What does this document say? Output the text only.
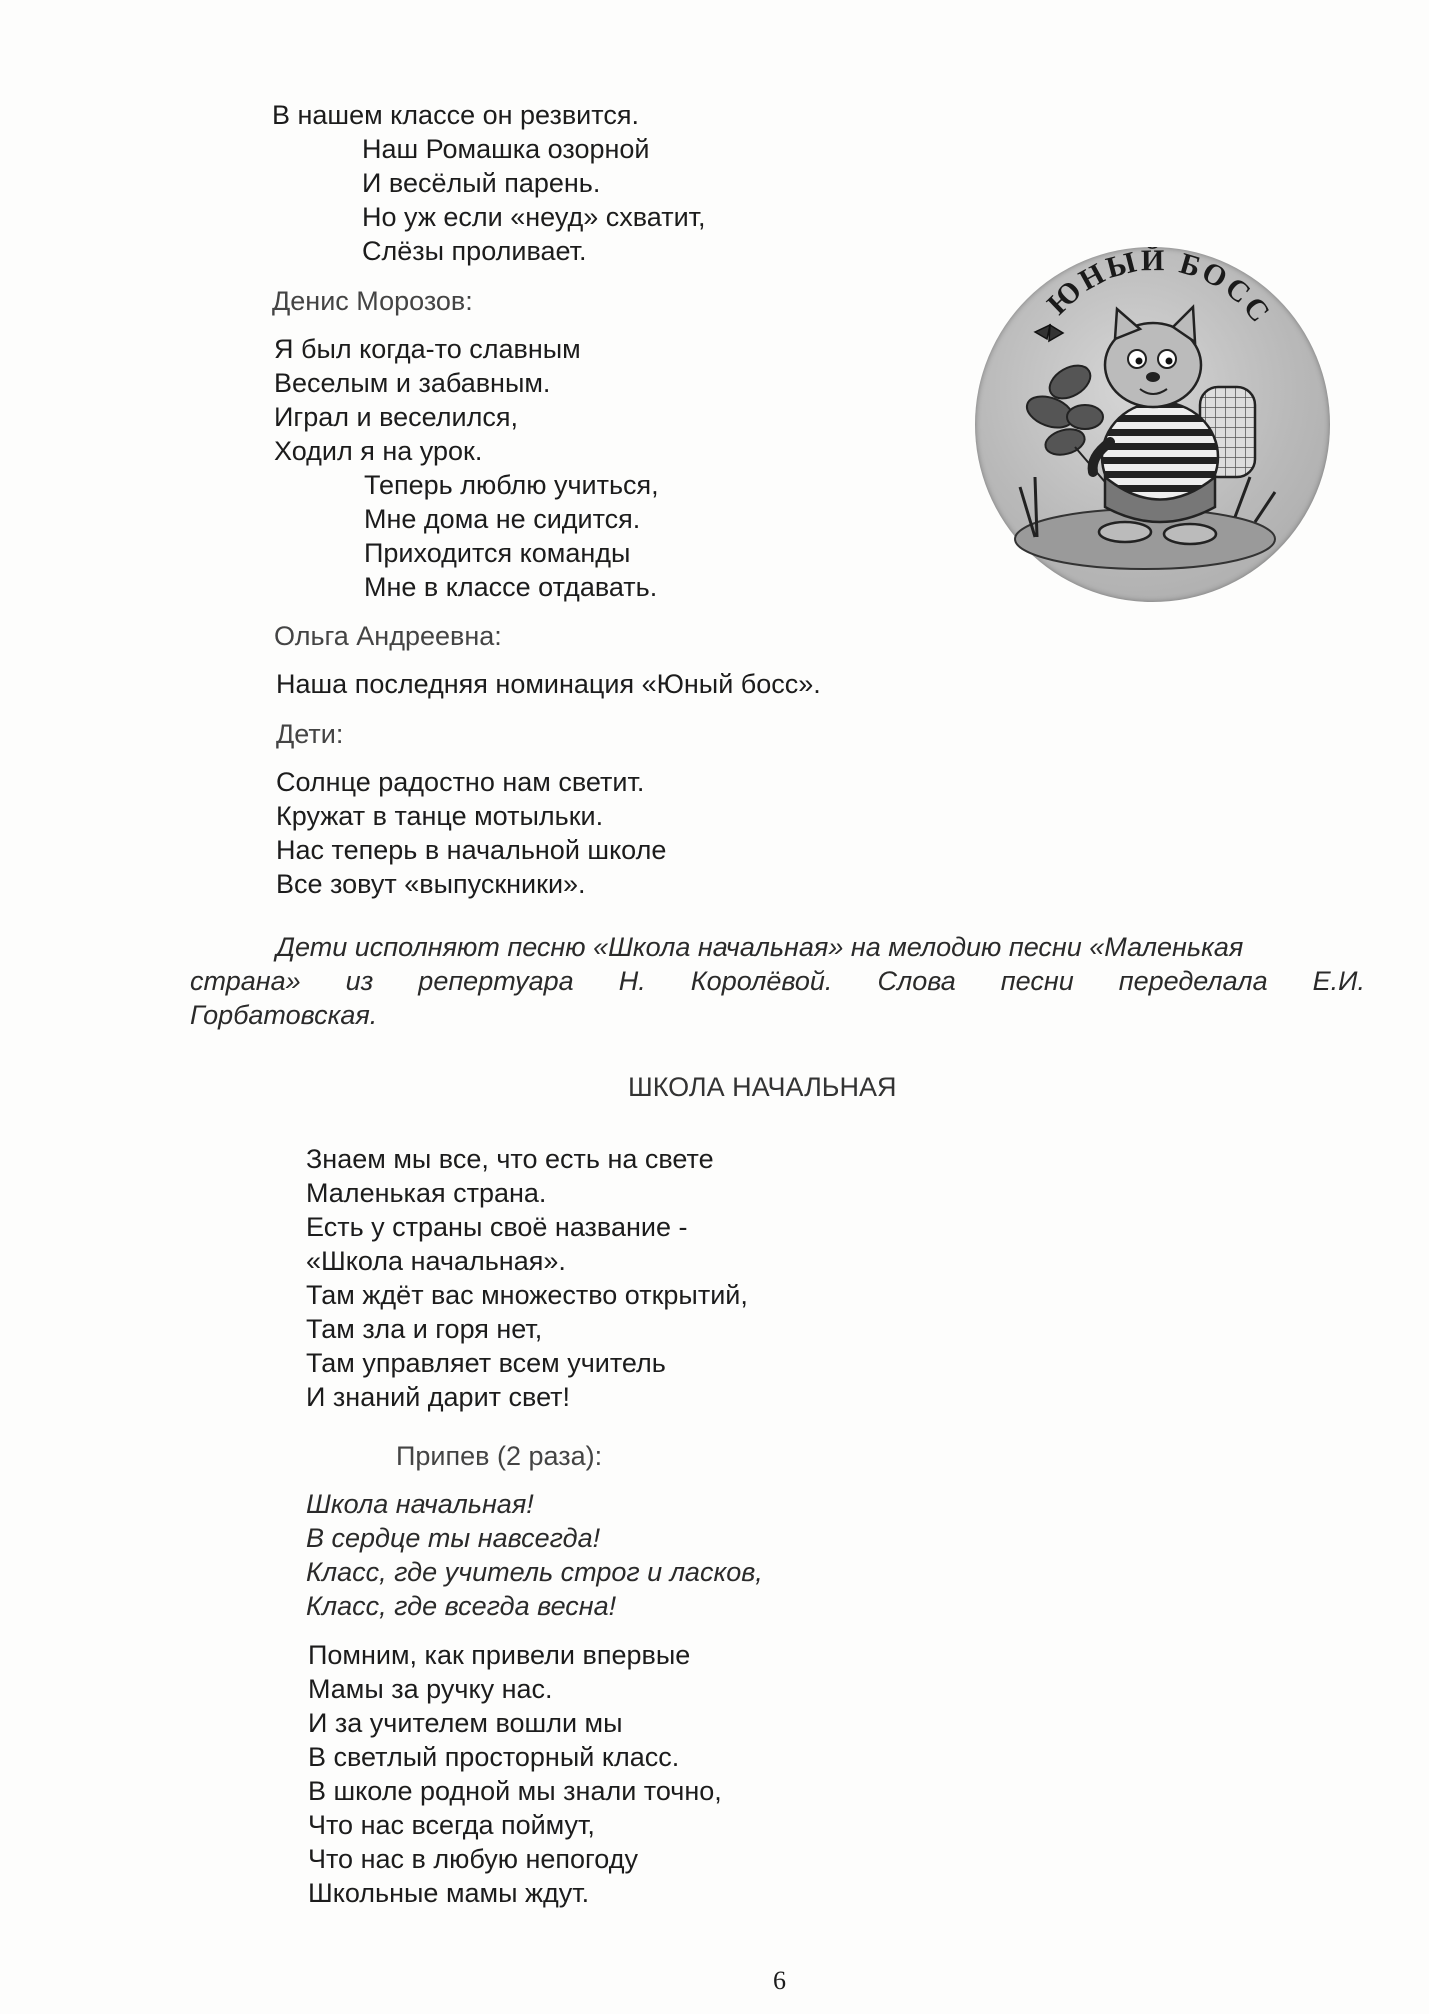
В нашем классе он резвится.
Наш Ромашка озорной
И весёлый парень.
Но уж если «неуд» схватит,
Слёзы проливает.
Денис Морозов:
Я был когда-то славным
Веселым и забавным.
Играл и веселился,
Ходил я на урок.
Теперь люблю учиться,
Мне дома не сидится.
Приходится команды
Мне в классе отдавать.
Ольга Андреевна:
Наша последняя номинация «Юный босс».
Дети:
Солнце радостно нам светит.
Кружат в танце мотыльки.
Нас теперь в начальной школе
Все зовут «выпускники».
Дети исполняют песню «Школа начальная» на мелодию песни «Маленькая
страна» из репертуара Н. Королёвой. Слова песни переделала Е.И.
Горбатовская.
ШКОЛА НАЧАЛЬНАЯ
Знаем мы все, что есть на свете
Маленькая страна.
Есть у страны своё название -
«Школа начальная».
Там ждёт вас множество открытий,
Там зла и горя нет,
Там управляет всем учитель
И знаний дарит свет!
Припев (2 раза):
Школа начальная!
В сердце ты навсегда!
Класс, где учитель строг и ласков,
Класс, где всегда весна!
Помним, как привели впервые
Мамы за ручку нас.
И за учителем вошли мы
В светлый просторный класс.
В школе родной мы знали точно,
Что нас всегда поймут,
Что нас в любую непогоду
Школьные мамы ждут.
6
ЮНЫЙ БОСС
